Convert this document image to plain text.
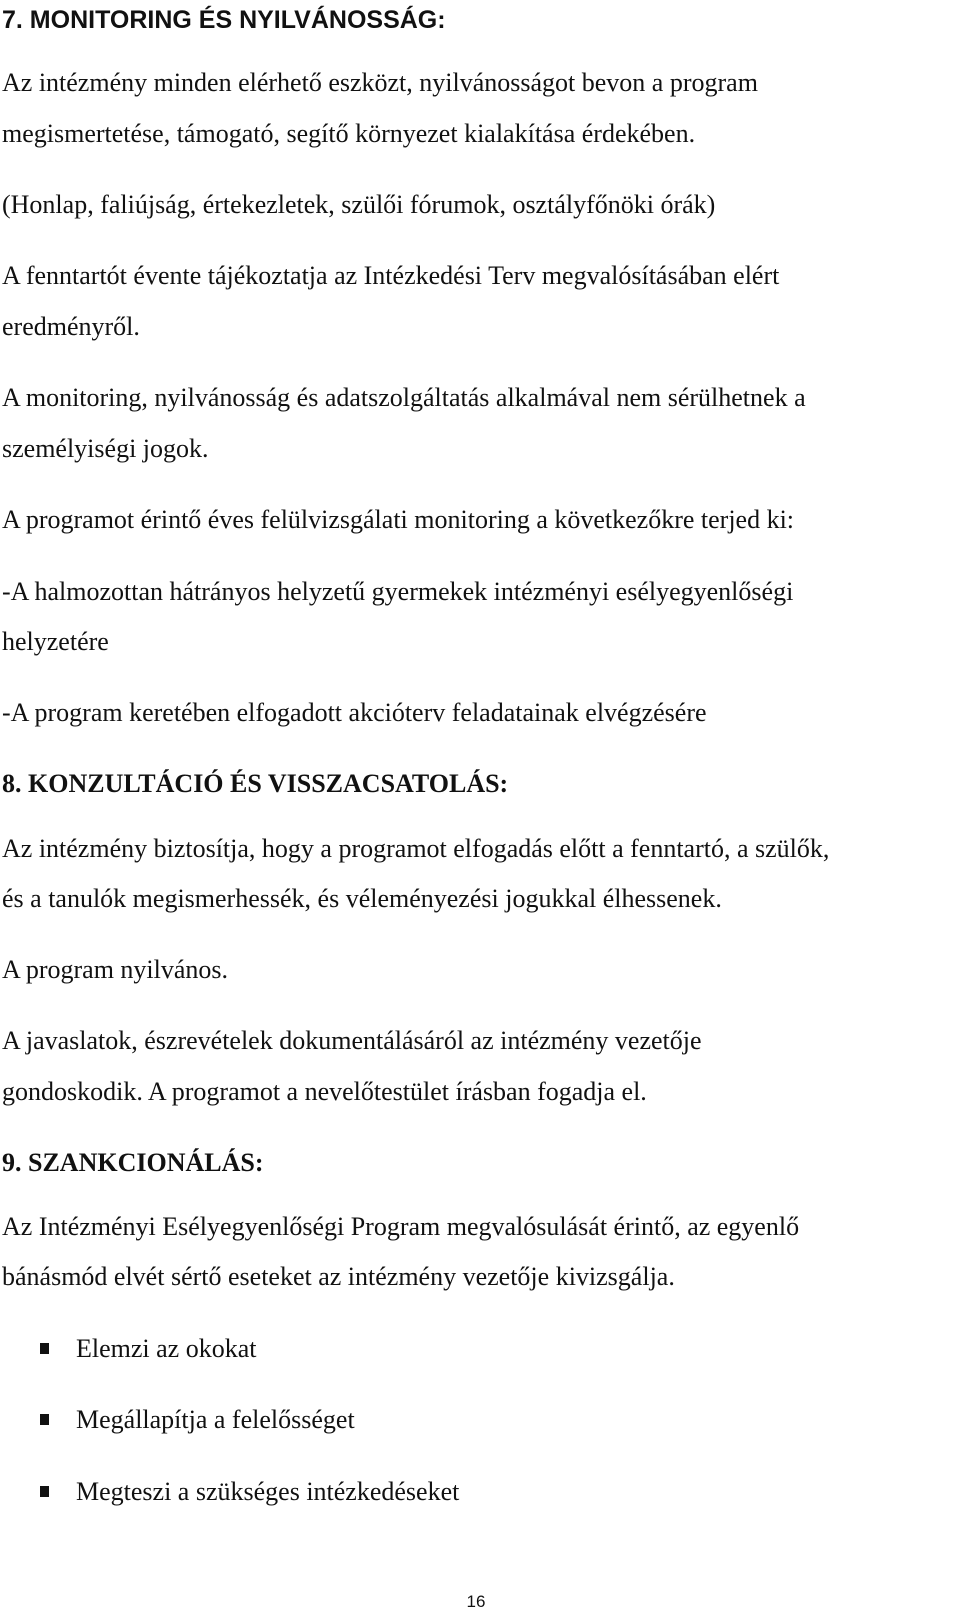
7. MONITORING ÉS NYILVÁNOSSÁG:

Az intézmény minden elérhető eszközt, nyilvánosságot bevon a program

megismertetése, támogató, segítő környezet kialakítása érdekében.

(Honlap, faliújság, értekezletek, szülői fórumok, osztályfőnöki órák)

A fenntartót évente tájékoztatja az Intézkedési Terv megvalósításában elért

eredményről.

A monitoring, nyilvánosság és adatszolgáltatás alkalmával nem sérülhetnek a

személyiségi jogok.

A programot érintő éves felülvizsgálati monitoring a következőkre terjed ki:

-A halmozottan hátrányos helyzetű gyermekek intézményi esélyegyenlőségi

helyzetére

-A program keretében elfogadott akcióterv feladatainak elvégzésére

8. KONZULTÁCIÓ ÉS VISSZACSATOLÁS:

Az intézmény biztosítja, hogy a programot elfogadás előtt a fenntartó, a szülők,

és a tanulók megismerhessék, és véleményezési jogukkal élhessenek.

A program nyilvános.

A javaslatok, észrevételek dokumentálásáról az intézmény vezetője

gondoskodik. A programot a nevelőtestület írásban fogadja el.

9. SZANKCIONÁLÁS:

Az Intézményi Esélyegyenlőségi Program megvalósulását érintő, az egyenlő

bánásmód elvét sértő eseteket az intézmény vezetője kivizsgálja.

Elemzi az okokat
Megállapítja a felelősséget
Megteszi a szükséges intézkedéseket
16
